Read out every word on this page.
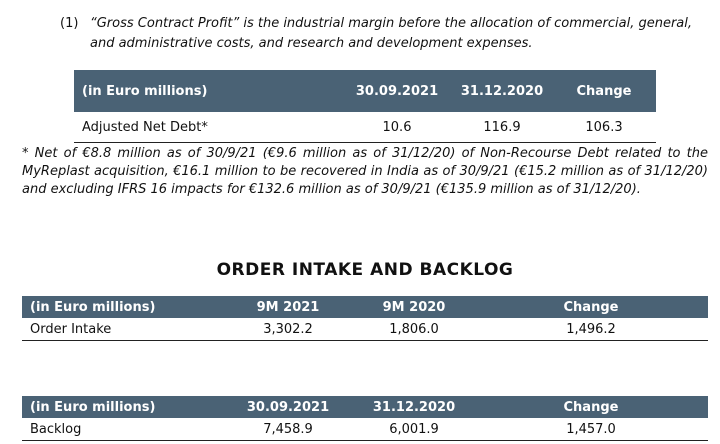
(1) “Gross Contract Profit” is the industrial margin before the allocation of commercial, general, and administrative costs, and research and development expenses.
(in Euro millions)	30.09.2021	31.12.2020	Change
Adjusted Net Debt*	10.6	116.9	106.3
* Net of €8.8 million as of 30/9/21 (€9.6 million as of 31/12/20) of Non-Recourse Debt related to the MyReplast acquisition, €16.1 million to be recovered in India as of 30/9/21 (€15.2 million as of 31/12/20) and excluding IFRS 16 impacts for €132.6 million as of 30/9/21 (€135.9 million as of 31/12/20).
ORDER INTAKE AND BACKLOG
(in Euro millions)	9M 2021	9M 2020	Change
Order Intake	3,302.2	1,806.0	1,496.2
(in Euro millions)	30.09.2021	31.12.2020	Change
Backlog	7,458.9	6,001.9	1,457.0
